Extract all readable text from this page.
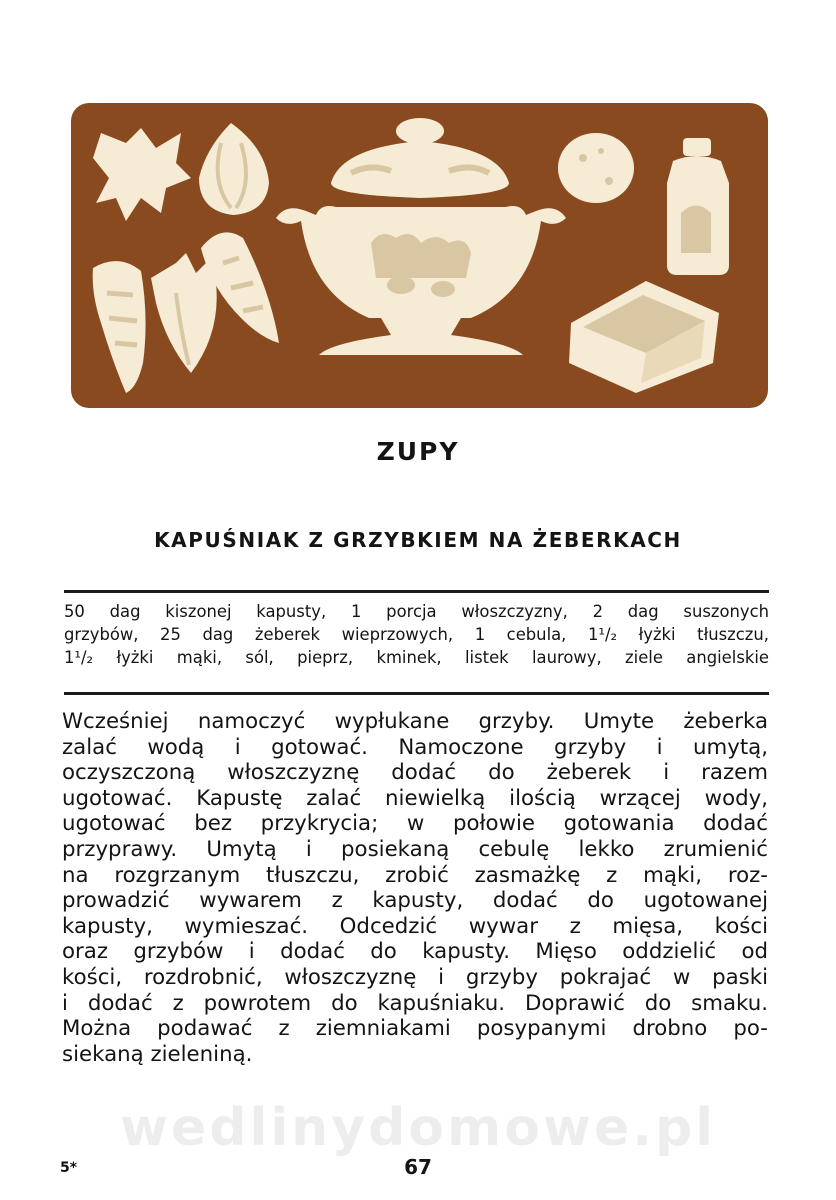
ZUPY
KAPUŚNIAK Z GRZYBKIEM NA ŻEBERKACH
50 dag kiszonej kapusty, 1 porcja włoszczyzny, 2 dag suszonych
grzybów, 25 dag żeberek wieprzowych, 1 cebula, 1¹/₂ łyżki tłuszczu,
1¹/₂ łyżki mąki, sól, pieprz, kminek, listek laurowy, ziele angielskie
Wcześniej namoczyć wypłukane grzyby. Umyte żeberka
zalać wodą i gotować. Namoczone grzyby i umytą,
oczyszczoną włoszczyznę dodać do żeberek i razem
ugotować. Kapustę zalać niewielką ilością wrzącej wody,
ugotować bez przykrycia; w połowie gotowania dodać
przyprawy. Umytą i posiekaną cebulę lekko zrumienić
na rozgrzanym tłuszczu, zrobić zasmażkę z mąki, roz-
prowadzić wywarem z kapusty, dodać do ugotowanej
kapusty, wymieszać. Odcedzić wywar z mięsa, kości
oraz grzybów i dodać do kapusty. Mięso oddzielić od
kości, rozdrobnić, włoszczyznę i grzyby pokrajać w paski
i dodać z powrotem do kapuśniaku. Doprawić do smaku.
Można podawać z ziemniakami posypanymi drobno po-
siekaną zieleniną.
wedlinydomowe.pl
5*	67
